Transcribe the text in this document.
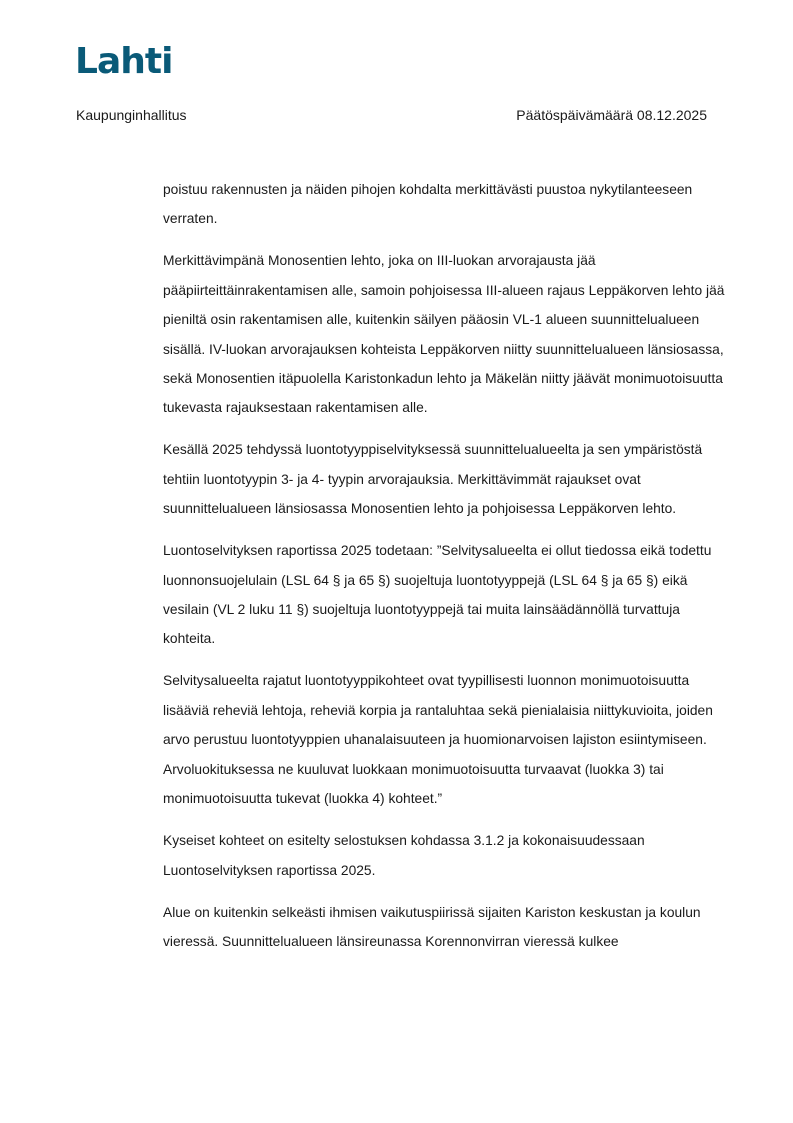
Lahti
Kaupunginhallitus	Päätöspäivämäärä 08.12.2025

poistuu rakennusten ja näiden pihojen kohdalta merkittävästi puustoa nykytilanteeseen verraten.

Merkittävimpänä Monosentien lehto, joka on III-luokan arvorajausta jää pääpiirteittäinrakentamisen alle, samoin pohjoisessa III-alueen rajaus Leppäkorven lehto jää pieniltä osin rakentamisen alle, kuitenkin säilyen pääosin VL-1 alueen suunnittelualueen sisällä. IV-luokan arvorajauksen kohteista Leppäkorven niitty suunnittelualueen länsiosassa, sekä Monosentien itäpuolella Karistonkadun lehto ja Mäkelän niitty jäävät monimuotoisuutta tukevasta rajauksestaan rakentamisen alle.

Kesällä 2025 tehdyssä luontotyyppiselvityksessä suunnittelualueelta ja sen ympäristöstä tehtiin luontotyypin 3- ja 4- tyypin arvorajauksia. Merkittävimmät rajaukset ovat suunnittelualueen länsiosassa Monosentien lehto ja pohjoisessa Leppäkorven lehto.

Luontoselvityksen raportissa 2025 todetaan: ”Selvitysalueelta ei ollut tiedossa eikä todettu luonnonsuojelulain (LSL 64 § ja 65 §) suojeltuja luontotyyppejä (LSL 64 § ja 65 §) eikä vesilain (VL 2 luku 11 §) suojeltuja luontotyyppejä tai muita lainsäädännöllä turvattuja kohteita.

Selvitysalueelta rajatut luontotyyppikohteet ovat tyypillisesti luonnon monimuotoisuutta lisääviä reheviä lehtoja, reheviä korpia ja rantaluhtaa sekä pienialaisia niittykuvioita, joiden arvo perustuu luontotyyppien uhanalaisuuteen ja huomionarvoisen lajiston esiintymiseen. Arvoluokituksessa ne kuuluvat luokkaan monimuotoisuutta turvaavat (luokka 3) tai monimuotoisuutta tukevat (luokka 4) kohteet.”

Kyseiset kohteet on esitelty selostuksen kohdassa 3.1.2 ja kokonaisuudessaan Luontoselvityksen raportissa 2025.

Alue on kuitenkin selkeästi ihmisen vaikutuspiirissä sijaiten Kariston keskustan ja koulun vieressä. Suunnittelualueen länsireunassa Korennonvirran vieressä kulkee
